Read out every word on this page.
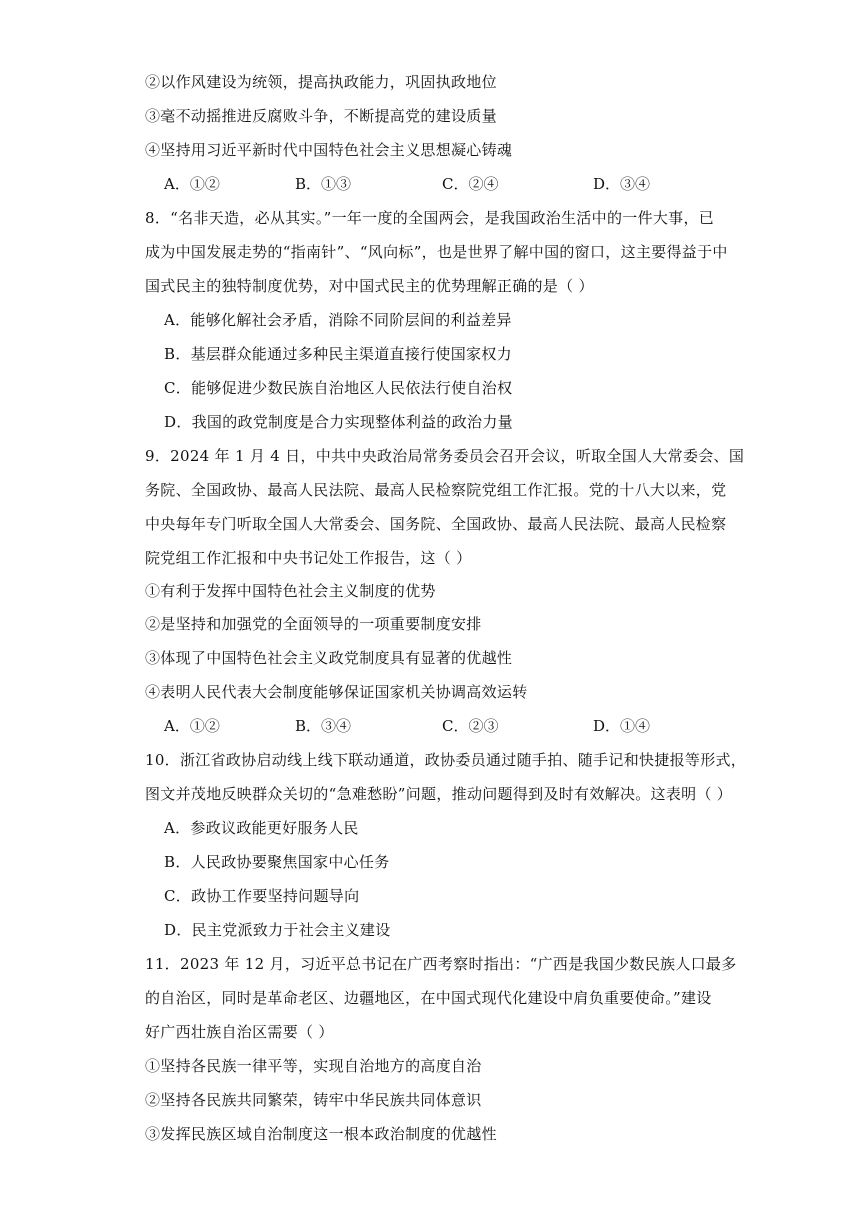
②以作风建设为统领，提高执政能力，巩固执政地位
③毫不动摇推进反腐败斗争，不断提高党的建设质量
④坚持用习近平新时代中国特色社会主义思想凝心铸魂
A．①②	B．①③	C．②④	D．③④
8．“名非天造，必从其实。”一年一度的全国两会，是我国政治生活中的一件大事，已
成为中国发展走势的“指南针”、“风向标”，也是世界了解中国的窗口，这主要得益于中
国式民主的独特制度优势，对中国式民主的优势理解正确的是（ ）
A．能够化解社会矛盾，消除不同阶层间的利益差异
B．基层群众能通过多种民主渠道直接行使国家权力
C．能够促进少数民族自治地区人民依法行使自治权
D．我国的政党制度是合力实现整体利益的政治力量
9．2024 年 1 月 4 日，中共中央政治局常务委员会召开会议，听取全国人大常委会、国
务院、全国政协、最高人民法院、最高人民检察院党组工作汇报。党的十八大以来，党
中央每年专门听取全国人大常委会、国务院、全国政协、最高人民法院、最高人民检察
院党组工作汇报和中央书记处工作报告，这（ ）
①有利于发挥中国特色社会主义制度的优势
②是坚持和加强党的全面领导的一项重要制度安排
③体现了中国特色社会主义政党制度具有显著的优越性
④表明人民代表大会制度能够保证国家机关协调高效运转
A．①②	B．③④	C．②③	D．①④
10．浙江省政协启动线上线下联动通道，政协委员通过随手拍、随手记和快捷报等形式，
图文并茂地反映群众关切的“急难愁盼”问题，推动问题得到及时有效解决。这表明（ ）
A．参政议政能更好服务人民
B．人民政协要聚焦国家中心任务
C．政协工作要坚持问题导向
D．民主党派致力于社会主义建设
11．2023 年 12 月，习近平总书记在广西考察时指出：“广西是我国少数民族人口最多
的自治区，同时是革命老区、边疆地区，在中国式现代化建设中肩负重要使命。”建设
好广西壮族自治区需要（ ）
①坚持各民族一律平等，实现自治地方的高度自治
②坚持各民族共同繁荣，铸牢中华民族共同体意识
③发挥民族区域自治制度这一根本政治制度的优越性
